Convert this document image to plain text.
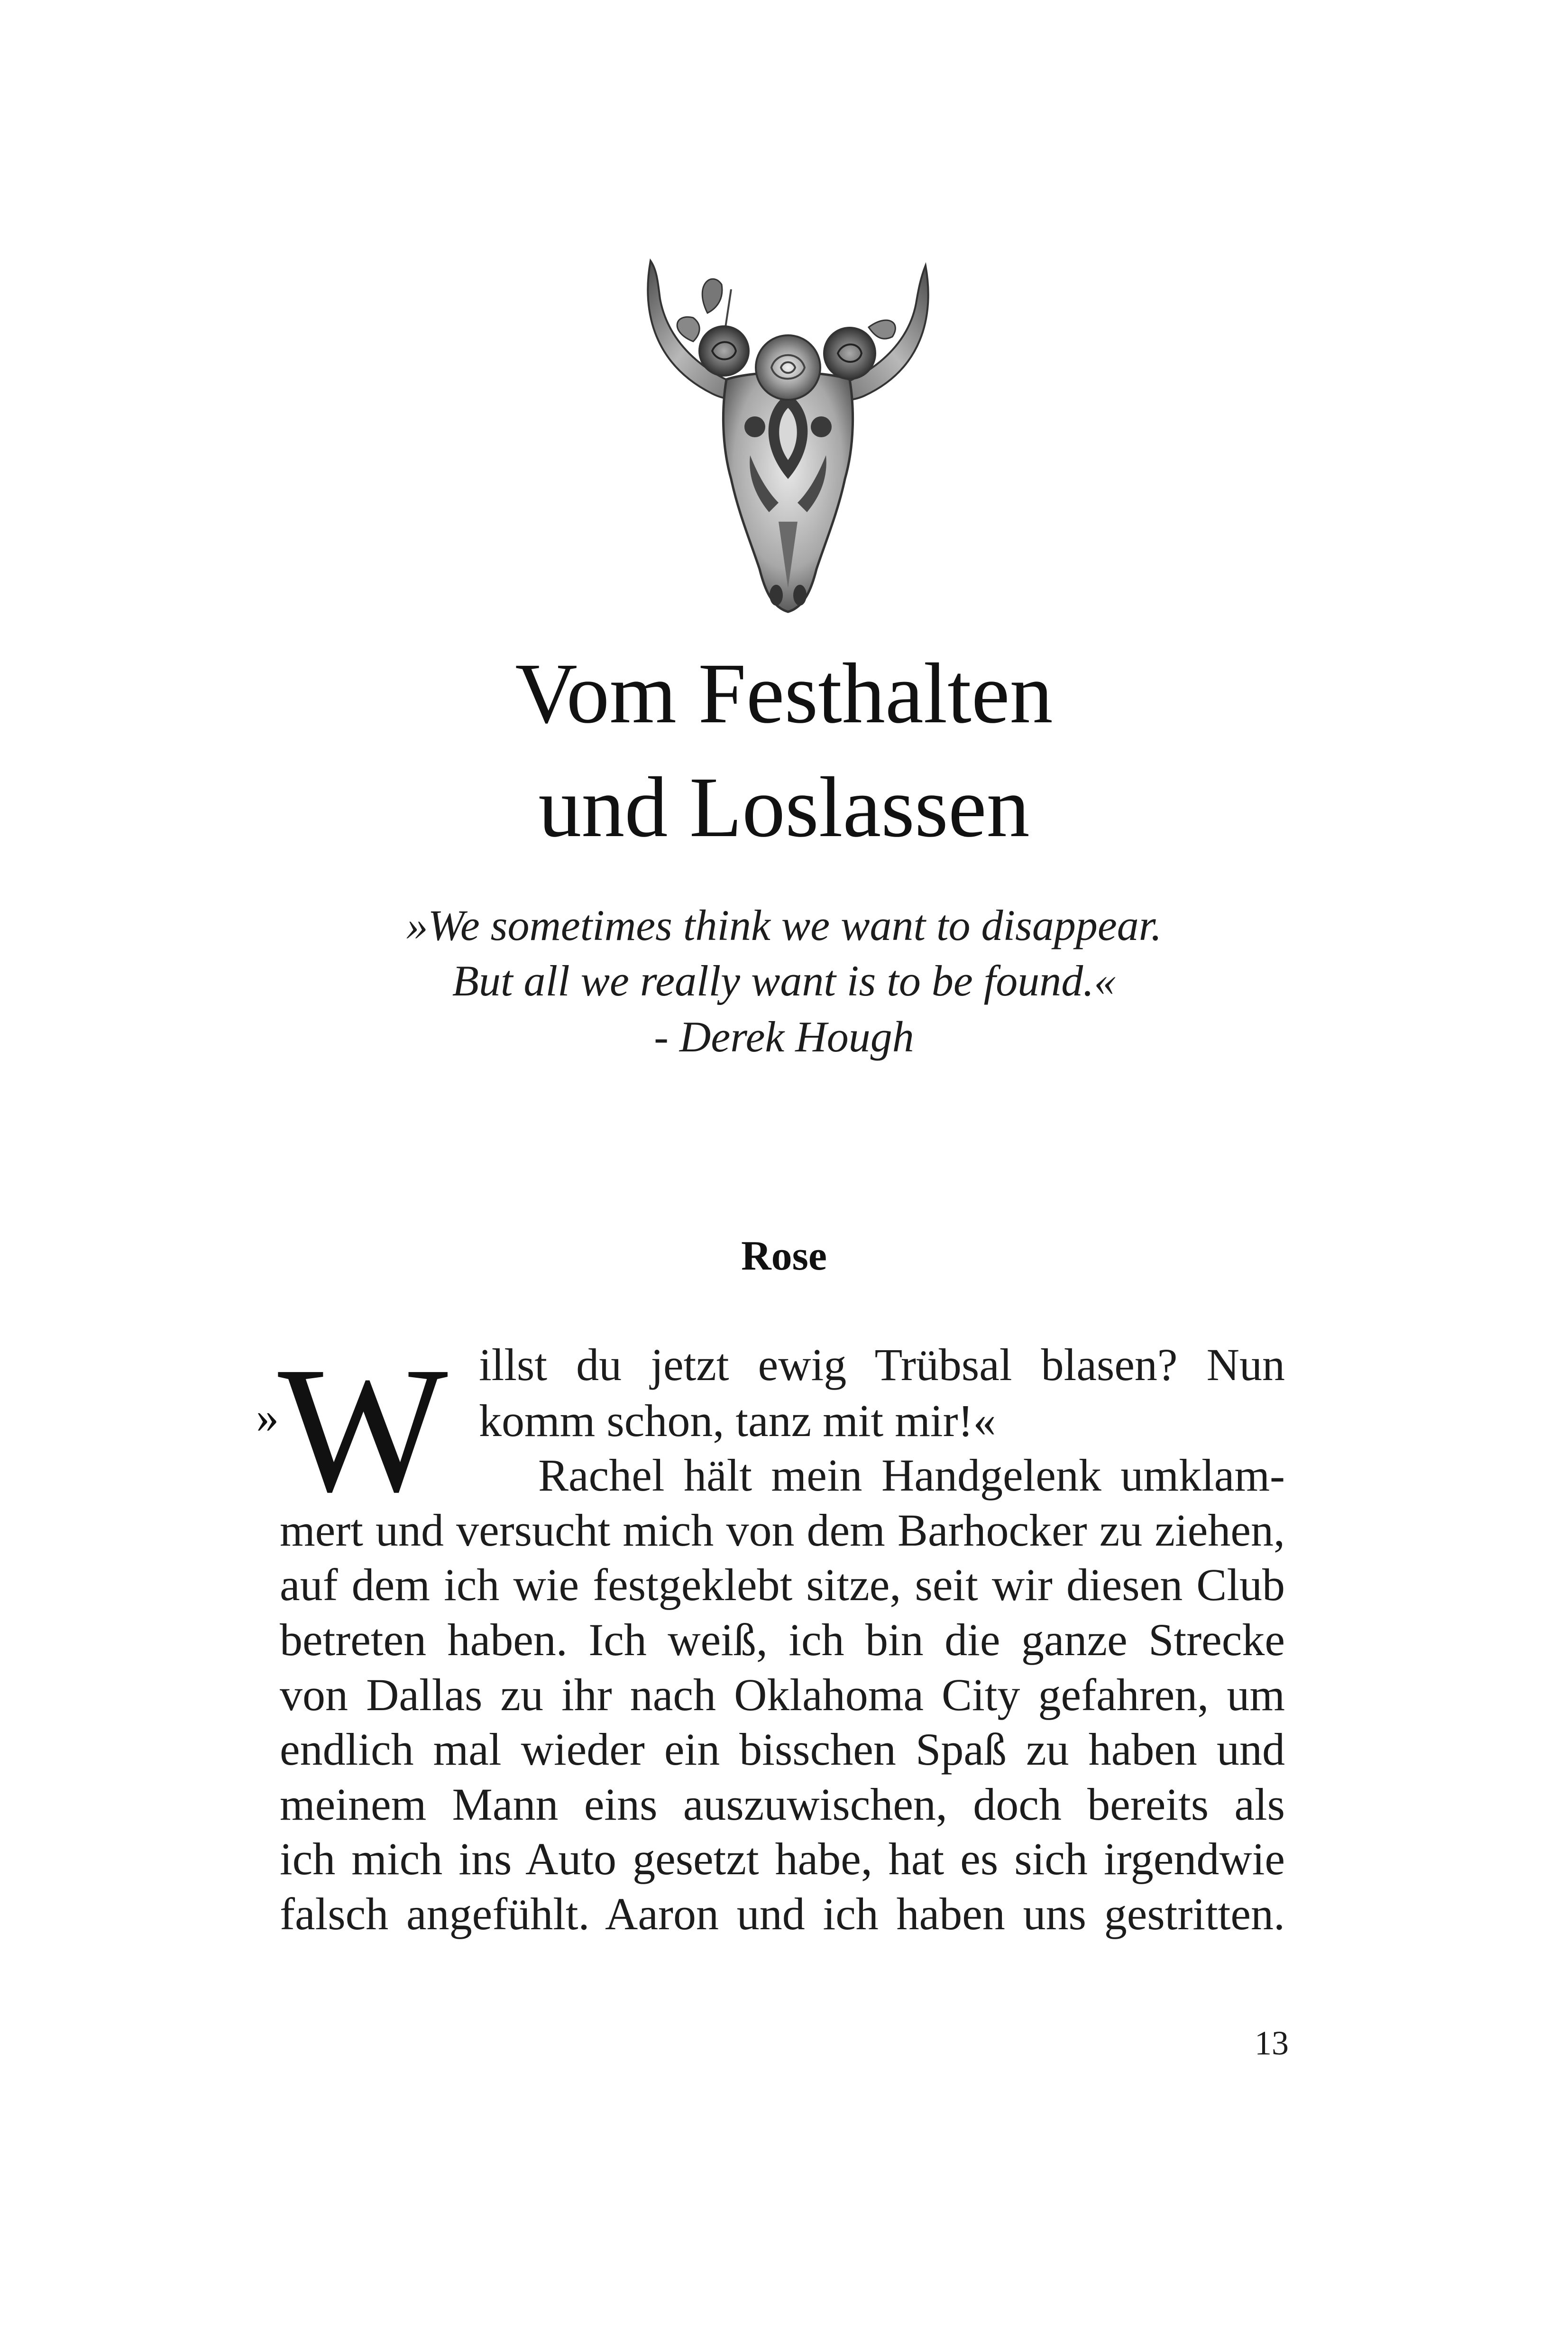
Vom Festhalten
und Loslassen
»We sometimes think we want to disappear.
But all we really want is to be found.«
- Derek Hough
Rose
»
W illst du jetzt ewig Trübsal blasen? Nun
komm schon, tanz mit mir!«
Rachel hält mein Handgelenk umklam-
mert und versucht mich von dem Barhocker zu ziehen,
auf dem ich wie festgeklebt sitze, seit wir diesen Club
betreten haben. Ich weiß, ich bin die ganze Strecke
von Dallas zu ihr nach Oklahoma City gefahren, um
endlich mal wieder ein bisschen Spaß zu haben und
meinem Mann eins auszuwischen, doch bereits als
ich mich ins Auto gesetzt habe, hat es sich irgendwie
falsch angefühlt. Aaron und ich haben uns gestritten.
13
